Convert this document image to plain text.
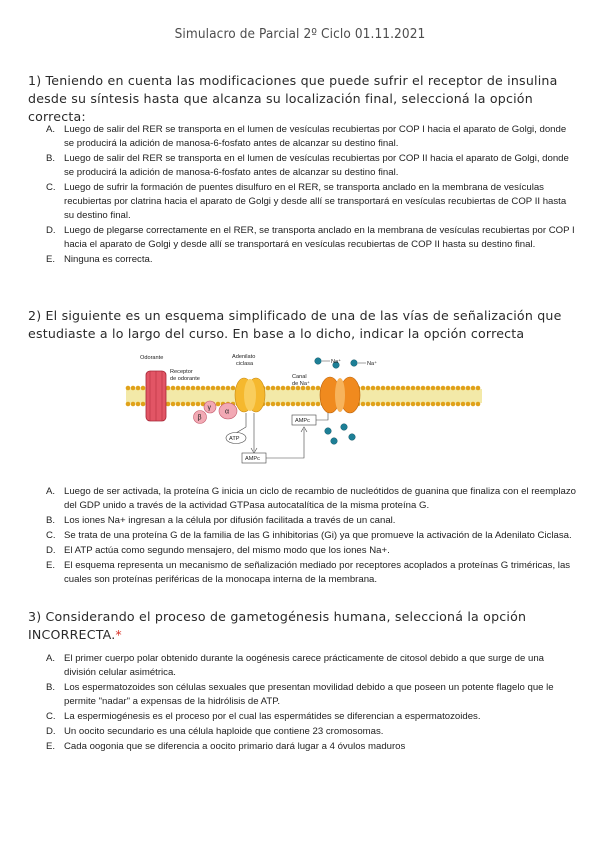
Simulacro de Parcial 2º Ciclo 01.11.2021
1) Teniendo en cuenta las modificaciones que puede sufrir el receptor de insulina desde su síntesis hasta que alcanza su localización final, seleccioná la opción correcta:
A. Luego de salir del RER se transporta en el lumen de vesículas recubiertas por COP I hacia el aparato de Golgi, donde se producirá la adición de manosa-6-fosfato antes de alcanzar su destino final.
B. Luego de salir del RER se transporta en el lumen de vesículas recubiertas por COP II hacia el aparato de Golgi, donde se producirá la adición de manosa-6-fosfato antes de alcanzar su destino final.
C. Luego de sufrir la formación de puentes disulfuro en el RER, se transporta anclado en la membrana de vesículas recubiertas por clatrina hacia el aparato de Golgi y desde allí se transportará en vesículas recubiertas de COP II hasta su destino final.
D. Luego de plegarse correctamente en el RER, se transporta anclado en la membrana de vesículas recubiertas por COP I hacia el aparato de Golgi y desde allí se transportará en vesículas recubiertas de COP II hasta su destino final.
E. Ninguna es correcta.
2) El siguiente es un esquema simplificado de una de las vías de señalización que estudiaste a lo largo del curso. En base a lo dicho, indicar la opción correcta
Odorante
Receptor
de odorante
β
γ
α
Adenilato
ciclasa
ATP
AMPc
AMPc
Canal
de Na⁺
Na⁺	Na⁺
A. Luego de ser activada, la proteína G inicia un ciclo de recambio de nucleótidos de guanina que finaliza con el reemplazo del GDP unido a través de la actividad GTPasa autocatalítica de la misma proteína G.
B. Los iones Na+ ingresan a la célula por difusión facilitada a través de un canal.
C. Se trata de una proteína G de la familia de las G inhibitorias (Gi) ya que promueve la activación de la Adenilato Ciclasa.
D. El ATP actúa como segundo mensajero, del mismo modo que los iones Na+.
E. El esquema representa un mecanismo de señalización mediado por receptores acoplados a proteínas G triméricas, las cuales son proteínas periféricas de la monocapa interna de la membrana.
3) Considerando el proceso de gametogénesis humana, seleccioná la opción INCORRECTA.*
A. El primer cuerpo polar obtenido durante la oogénesis carece prácticamente de citosol debido a que surge de una división celular asimétrica.
B. Los espermatozoides son células sexuales que presentan movilidad debido a que poseen un potente flagelo que le permite "nadar" a expensas de la hidrólisis de ATP.
C. La espermiogénesis es el proceso por el cual las espermátides se diferencian a espermatozoides.
D. Un oocito secundario es una célula haploide que contiene 23 cromosomas.
E. Cada oogonia que se diferencia a oocito primario dará lugar a 4 óvulos maduros
